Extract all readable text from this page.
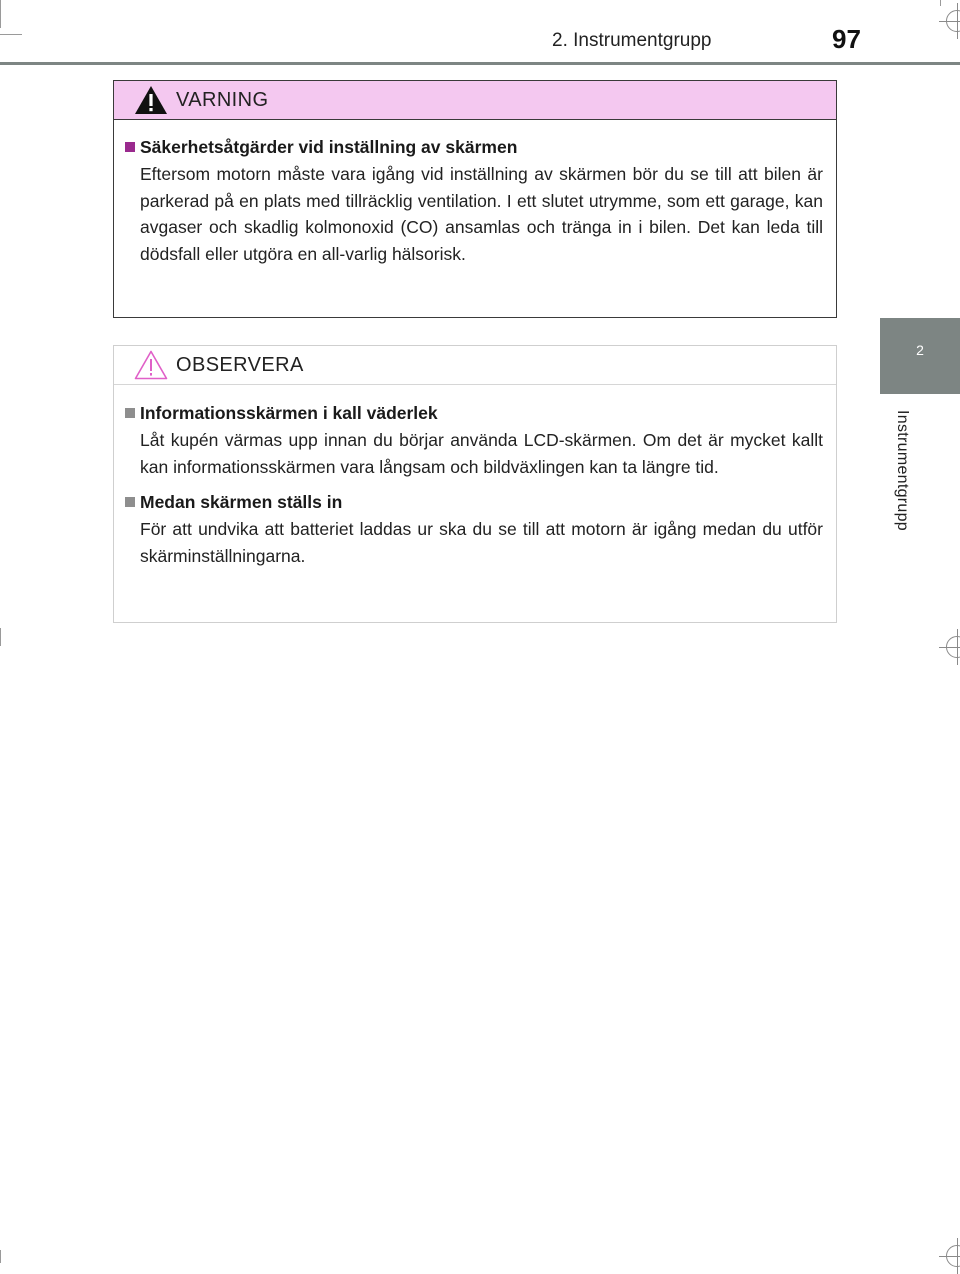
2. Instrumentgrupp	97
2
Instrumentgrupp
VARNING
Säkerhetsåtgärder vid inställning av skärmen

Eftersom motorn måste vara igång vid inställning av skärmen bör du se till att bilen är parkerad på en plats med tillräcklig ventilation. I ett slutet utrymme, som ett garage, kan avgaser och skadlig kolmonoxid (CO) ansamlas och tränga in i bilen. Det kan leda till dödsfall eller utgöra en all-varlig hälsorisk.

OBSERVERA
Informationsskärmen i kall väderlek

Låt kupén värmas upp innan du börjar använda LCD-skärmen. Om det är mycket kallt kan informationsskärmen vara långsam och bildväxlingen kan ta längre tid.

Medan skärmen ställs in

För att undvika att batteriet laddas ur ska du se till att motorn är igång medan du utför skärminställningarna.
